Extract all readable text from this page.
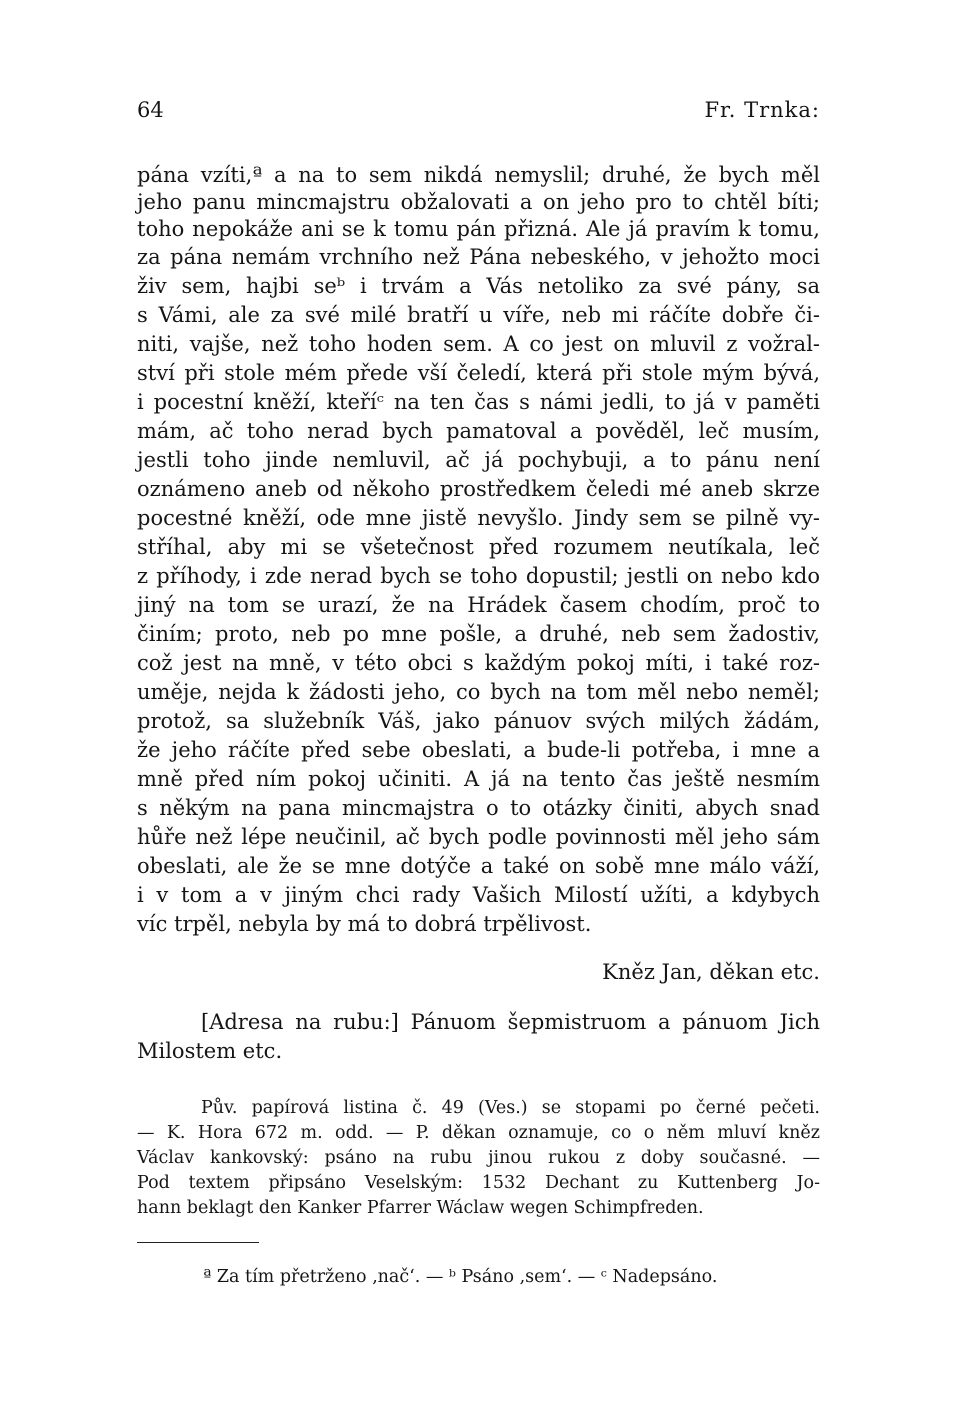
64	Fr. Trnka:
pána vzíti,ª a na to sem nikdá nemyslil; druhé, že bych měl
jeho panu mincmajstru obžalovati a on jeho pro to chtěl bíti;
toho nepokáže ani se k tomu pán přizná. Ale já pravím k tomu,
za pána nemám vrchního než Pána nebeského, v jehožto moci
živ sem, hajbi seᵇ i trvám a Vás netoliko za své pány, sa
s Vámi, ale za své milé bratří u víře, neb mi ráčíte dobře či-
niti, vajše, než toho hoden sem. A co jest on mluvil z vožral-
ství při stole mém přede vší čeledí, která při stole mým bývá,
i pocestní kněží, kteříᶜ na ten čas s námi jedli, to já v paměti
mám, ač toho nerad bych pamatoval a pověděl, leč musím,
jestli toho jinde nemluvil, ač já pochybuji, a to pánu není
oznámeno aneb od někoho prostředkem čeledi mé aneb skrze
pocestné kněží, ode mne jistě nevyšlo. Jindy sem se pilně vy-
stříhal, aby mi se všetečnost před rozumem neutíkala, leč
z příhody, i zde nerad bych se toho dopustil; jestli on nebo kdo
jiný na tom se urazí, že na Hrádek časem chodím, proč to
činím; proto, neb po mne pošle, a druhé, neb sem žadostiv,
což jest na mně, v této obci s každým pokoj míti, i také roz-
uměje, nejda k žádosti jeho, co bych na tom měl nebo neměl;
protož, sa služebník Váš, jako pánuov svých milých žádám,
že jeho ráčíte před sebe obeslati, a bude-li potřeba, i mne a
mně před ním pokoj učiniti. A já na tento čas ještě nesmím
s někým na pana mincmajstra o to otázky činiti, abych snad
hůře než lépe neučinil, ač bych podle povinnosti měl jeho sám
obeslati, ale že se mne dotýče a také on sobě mne málo váží,
i v tom a v jiným chci rady Vašich Milostí užíti, a kdybych
víc trpěl, nebyla by má to dobrá trpělivost.
Kněz Jan, děkan etc.
[Adresa na rubu:] Pánuom šepmistruom a pánuom Jich
Milostem etc.
Pův. papírová listina č. 49 (Ves.) se stopami po černé pečeti.
— K. Hora 672 m. odd. — P. děkan oznamuje, co o něm mluví kněz
Václav kankovský: psáno na rubu jinou rukou z doby současné. —
Pod textem připsáno Veselským: 1532 Dechant zu Kuttenberg Jo-
hann beklagt den Kanker Pfarrer Wáclaw wegen Schimpfreden.
ª Za tím přetrženo ‚nač‘. — ᵇ Psáno ‚sem‘. — ᶜ Nadepsáno.
